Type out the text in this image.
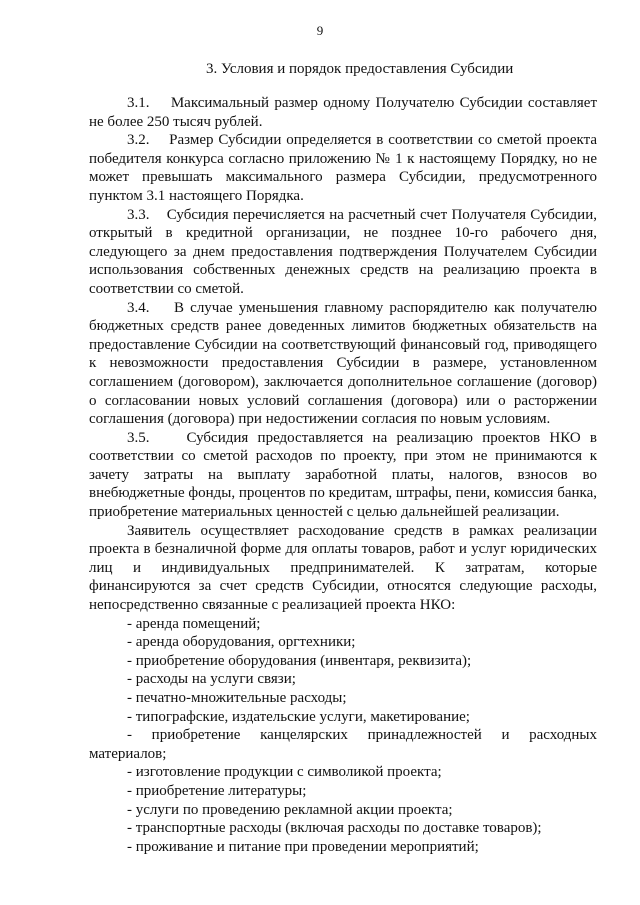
9
3. Условия и порядок предоставления Субсидии

3.1.    Максимальный размер одному Получателю Субсидии составляет не более 250 тысяч рублей.

3.2.    Размер Субсидии определяется в соответствии со сметой проекта победителя конкурса согласно приложению № 1 к настоящему Порядку, но не может превышать максимального размера Субсидии, предусмотренного пунктом 3.1 настоящего Порядка.

3.3.    Субсидия перечисляется на расчетный счет Получателя Субсидии, открытый в кредитной организации, не позднее 10-го рабочего дня, следующего за днем предоставления подтверждения Получателем Субсидии использования собственных денежных средств на реализацию проекта в соответствии со сметой.

3.4.    В случае уменьшения главному распорядителю как получателю бюджетных средств ранее доведенных лимитов бюджетных обязательств на предоставление Субсидии на соответствующий финансовый год, приводящего к невозможности предоставления Субсидии в размере, установленном соглашением (договором), заключается дополнительное соглашение (договор) о согласовании новых условий соглашения (договора) или о расторжении соглашения (договора) при недостижении согласия по новым условиям.

3.5.    Субсидия предоставляется на реализацию проектов НКО в соответствии со сметой расходов по проекту, при этом не принимаются к зачету затраты на выплату заработной платы, налогов, взносов во внебюджетные фонды, процентов по кредитам, штрафы, пени, комиссия банка, приобретение материальных ценностей с целью дальнейшей реализации.

Заявитель осуществляет расходование средств в рамках реализации проекта в безналичной форме для оплаты товаров, работ и услуг юридических лиц и индивидуальных предпринимателей. К затратам, которые финансируются за счет средств Субсидии, относятся следующие расходы, непосредственно связанные с реализацией проекта НКО:

- аренда помещений;
- аренда оборудования, оргтехники;
- приобретение оборудования (инвентаря, реквизита);
- расходы на услуги связи;
- печатно-множительные расходы;
- типографские, издательские услуги, макетирование;
- приобретение канцелярских принадлежностей и расходных материалов;
- изготовление продукции с символикой проекта;
- приобретение литературы;
- услуги по проведению рекламной акции проекта;
- транспортные расходы (включая расходы по доставке товаров);
- проживание и питание при проведении мероприятий;
